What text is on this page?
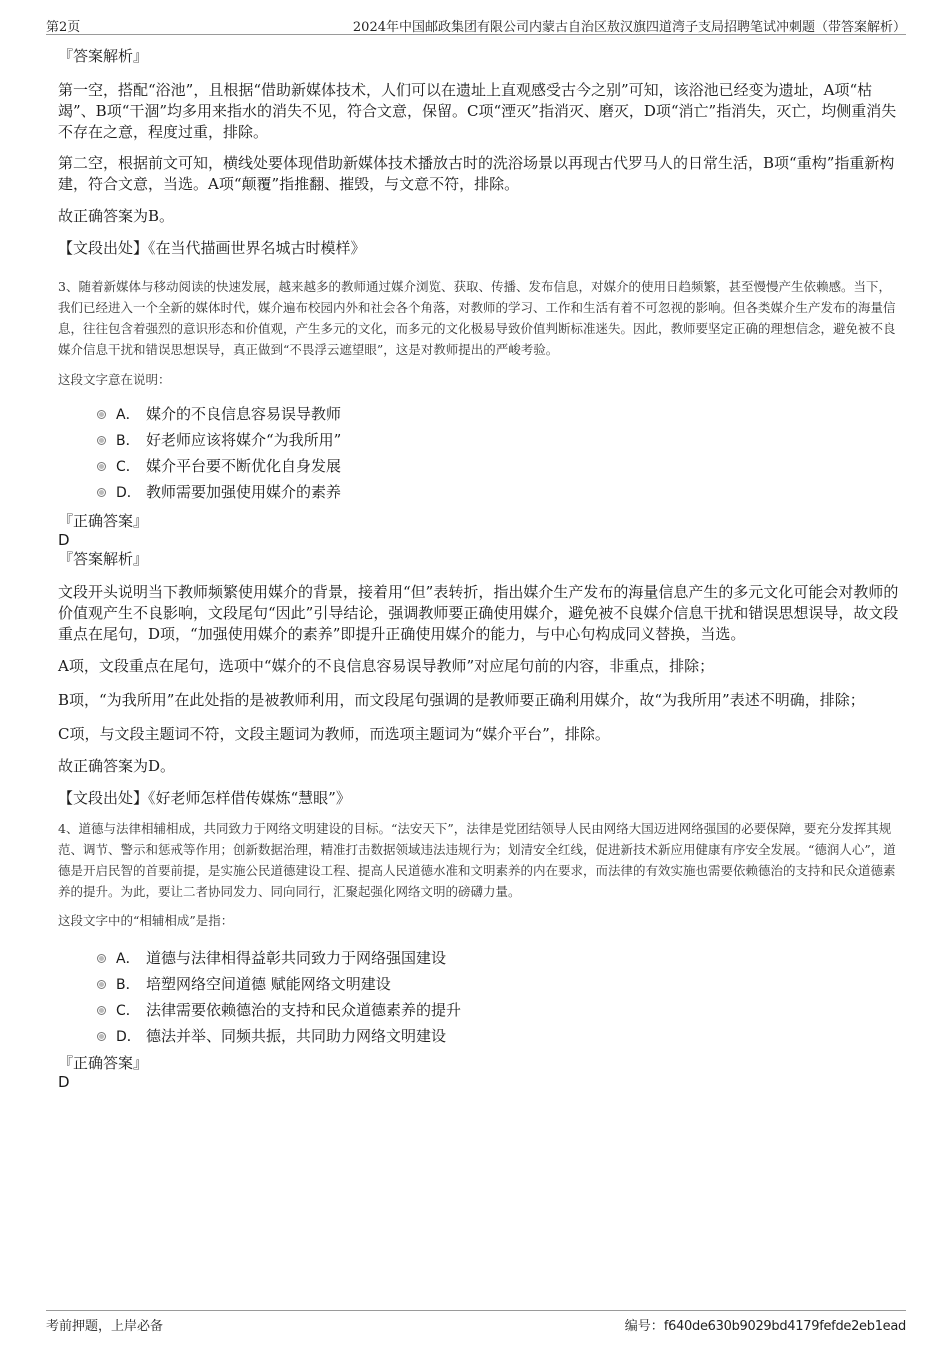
第2页	2024年中国邮政集团有限公司内蒙古自治区敖汉旗四道湾子支局招聘笔试冲刺题（带答案解析）

『答案解析』

第一空，搭配“浴池”，且根据“借助新媒体技术，人们可以在遗址上直观感受古今之别”可知，该浴池已经变为遗址，A项“枯竭”、B项“干涸”均多用来指水的消失不见，符合文意，保留。C项“湮灭”指消灭、磨灭，D项“消亡”指消失，灭亡，均侧重消失不存在之意，程度过重，排除。

第二空，根据前文可知，横线处要体现借助新媒体技术播放古时的洗浴场景以再现古代罗马人的日常生活，B项“重构”指重新构建，符合文意，当选。A项“颠覆”指推翻、摧毁，与文意不符，排除。

故正确答案为B。

【文段出处】《在当代描画世界名城古时模样》

3、随着新媒体与移动阅读的快速发展，越来越多的教师通过媒介浏览、获取、传播、发布信息，对媒介的使用日趋频繁，甚至慢慢产生依赖感。当下，我们已经进入一个全新的媒体时代，媒介遍布校园内外和社会各个角落，对教师的学习、工作和生活有着不可忽视的影响。但各类媒介生产发布的海量信息，往往包含着强烈的意识形态和价值观，产生多元的文化，而多元的文化极易导致价值判断标准迷失。因此，教师要坚定正确的理想信念，避免被不良媒介信息干扰和错误思想误导，真正做到“不畏浮云遮望眼”，这是对教师提出的严峻考验。

这段文字意在说明：

A． 媒介的不良信息容易误导教师
B． 好老师应该将媒介“为我所用”
C． 媒介平台要不断优化自身发展
D． 教师需要加强使用媒介的素养

『正确答案』

D

『答案解析』

文段开头说明当下教师频繁使用媒介的背景，接着用“但”表转折，指出媒介生产发布的海量信息产生的多元文化可能会对教师的价值观产生不良影响，文段尾句“因此”引导结论，强调教师要正确使用媒介，避免被不良媒介信息干扰和错误思想误导，故文段重点在尾句，D项，“加强使用媒介的素养”即提升正确使用媒介的能力，与中心句构成同义替换，当选。

A项，文段重点在尾句，选项中“媒介的不良信息容易误导教师”对应尾句前的内容，非重点，排除；

B项，“为我所用”在此处指的是被教师利用，而文段尾句强调的是教师要正确利用媒介，故“为我所用”表述不明确，排除；

C项，与文段主题词不符，文段主题词为教师，而选项主题词为“媒介平台”，排除。

故正确答案为D。

【文段出处】《好老师怎样借传媒炼“慧眼”》

4、道德与法律相辅相成，共同致力于网络文明建设的目标。“法安天下”，法律是党团结领导人民由网络大国迈进网络强国的必要保障，要充分发挥其规范、调节、警示和惩戒等作用；创新数据治理，精准打击数据领域违法违规行为；划清安全红线，促进新技术新应用健康有序安全发展。“德润人心”，道德是开启民智的首要前提，是实施公民道德建设工程、提高人民道德水准和文明素养的内在要求，而法律的有效实施也需要依赖德治的支持和民众道德素养的提升。为此，要让二者协同发力、同向同行，汇聚起强化网络文明的磅礴力量。

这段文字中的“相辅相成”是指：

A． 道德与法律相得益彰共同致力于网络强国建设
B． 培塑网络空间道德 赋能网络文明建设
C． 法律需要依赖德治的支持和民众道德素养的提升
D． 德法并举、同频共振，共同助力网络文明建设

『正确答案』

D

考前押题，上岸必备	编号：f640de630b9029bd4179fefde2eb1ead
